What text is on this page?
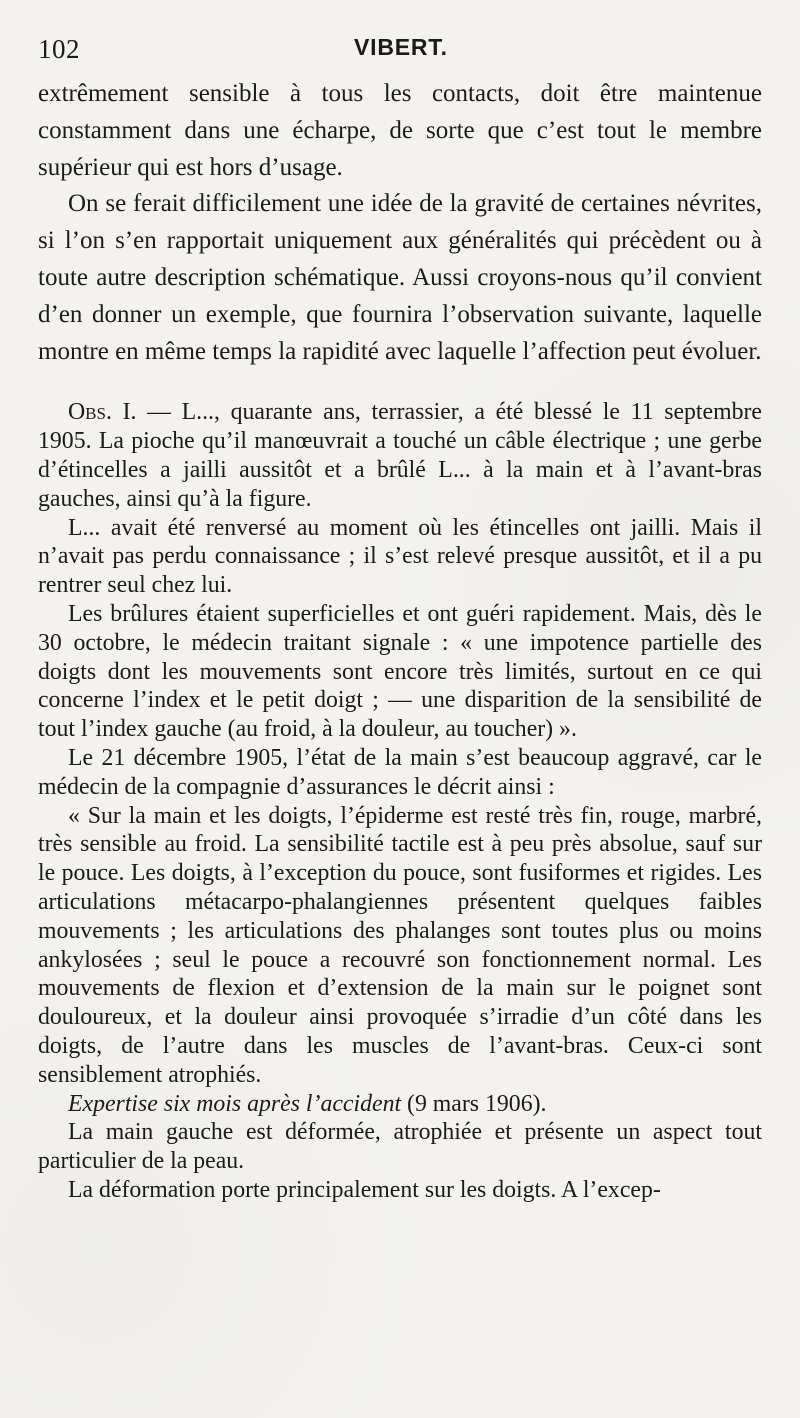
102	VIBERT.

extrêmement sensible à tous les contacts, doit être maintenue constamment dans une écharpe, de sorte que c’est tout le membre supérieur qui est hors d’usage.

On se ferait difficilement une idée de la gravité de certaines névrites, si l’on s’en rapportait uniquement aux généralités qui précèdent ou à toute autre description schématique. Aussi croyons-nous qu’il convient d’en donner un exemple, que fournira l’observation suivante, laquelle montre en même temps la rapidité avec laquelle l’affection peut évoluer.

Obs. I. — L..., quarante ans, terrassier, a été blessé le 11 septembre 1905. La pioche qu’il manœuvrait a touché un câble électrique ; une gerbe d’étincelles a jailli aussitôt et a brûlé L... à la main et à l’avant-bras gauches, ainsi qu’à la figure.

L... avait été renversé au moment où les étincelles ont jailli. Mais il n’avait pas perdu connaissance ; il s’est relevé presque aussitôt, et il a pu rentrer seul chez lui.

Les brûlures étaient superficielles et ont guéri rapidement. Mais, dès le 30 octobre, le médecin traitant signale : « une impotence partielle des doigts dont les mouvements sont encore très limités, surtout en ce qui concerne l’index et le petit doigt ; — une disparition de la sensibilité de tout l’index gauche (au froid, à la douleur, au toucher) ».

Le 21 décembre 1905, l’état de la main s’est beaucoup aggravé, car le médecin de la compagnie d’assurances le décrit ainsi :

« Sur la main et les doigts, l’épiderme est resté très fin, rouge, marbré, très sensible au froid. La sensibilité tactile est à peu près absolue, sauf sur le pouce. Les doigts, à l’exception du pouce, sont fusiformes et rigides. Les articulations métacarpo-phalangiennes présentent quelques faibles mouvements ; les articulations des phalanges sont toutes plus ou moins ankylosées ; seul le pouce a recouvré son fonctionnement normal. Les mouvements de flexion et d’extension de la main sur le poignet sont douloureux, et la douleur ainsi provoquée s’irradie d’un côté dans les doigts, de l’autre dans les muscles de l’avant-bras. Ceux-ci sont sensiblement atrophiés.

Expertise six mois après l’accident (9 mars 1906).

La main gauche est déformée, atrophiée et présente un aspect tout particulier de la peau.

La déformation porte principalement sur les doigts. A l’excep-
